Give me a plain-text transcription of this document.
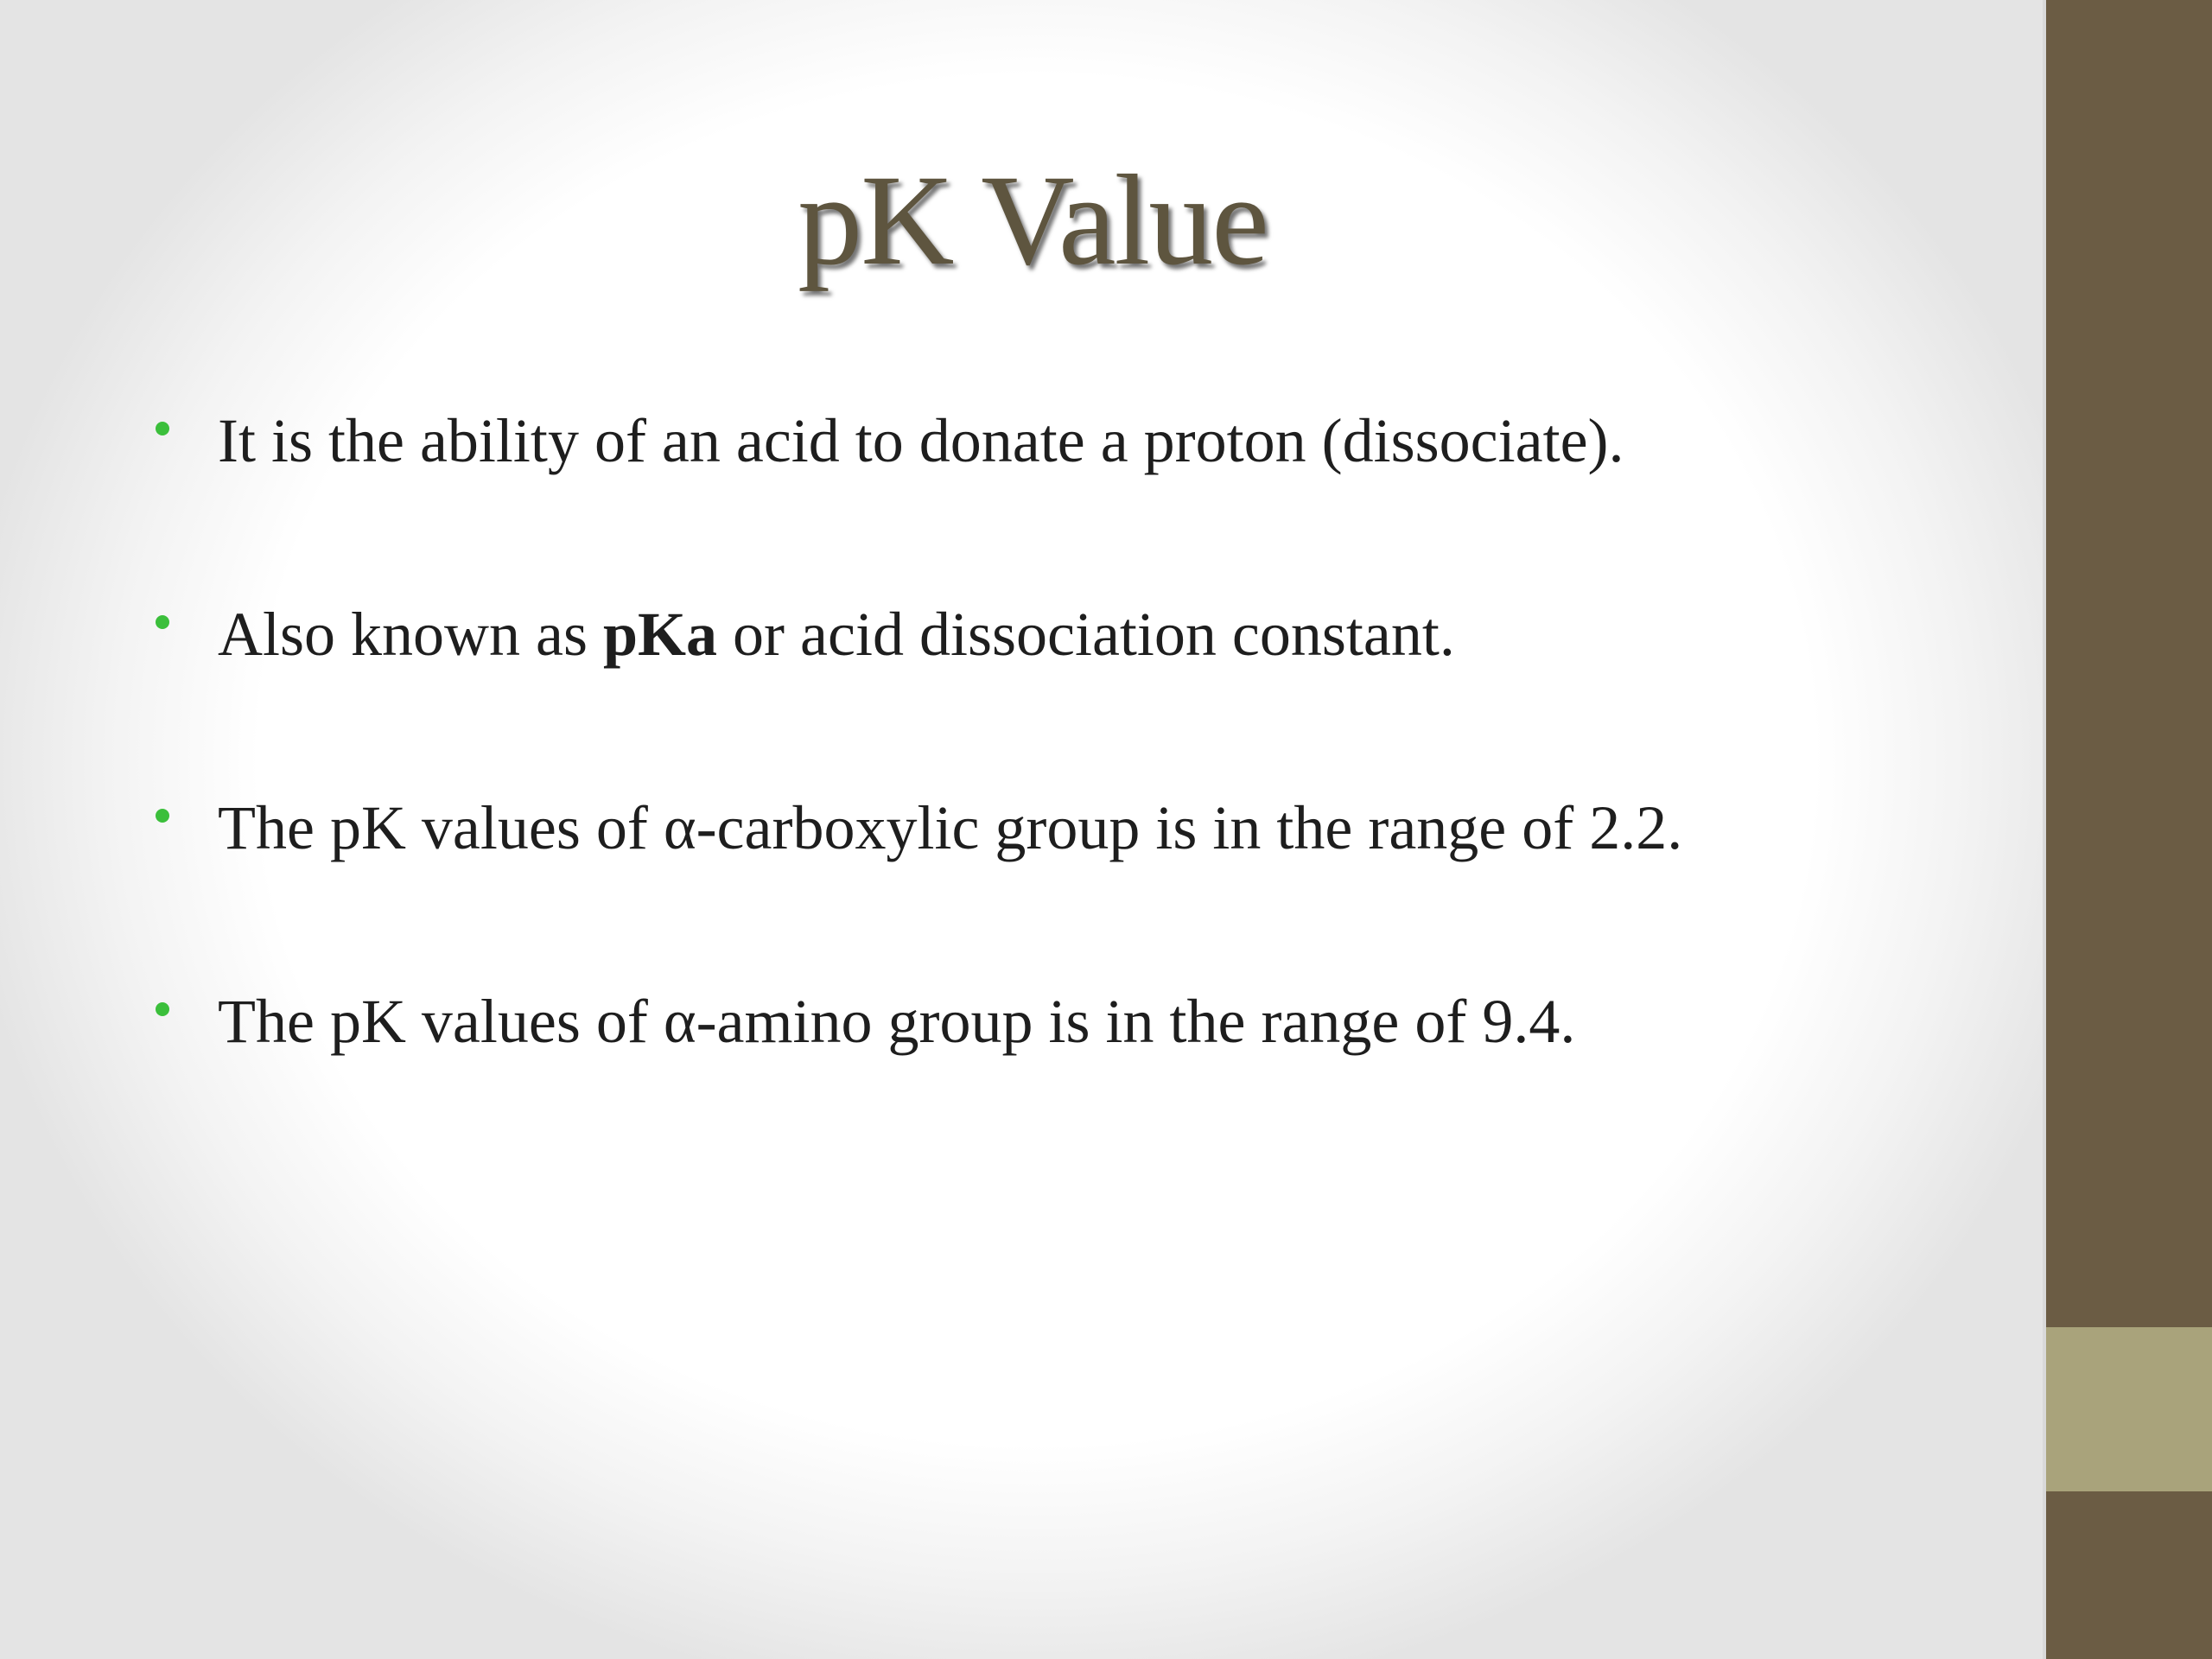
pK Value
It is the ability of an acid to donate a proton (dissociate).
Also known as pKa or acid dissociation constant.
The pK values of α-carboxylic group is in the range of 2.2.
The pK values of α-amino group is in the range of 9.4.
